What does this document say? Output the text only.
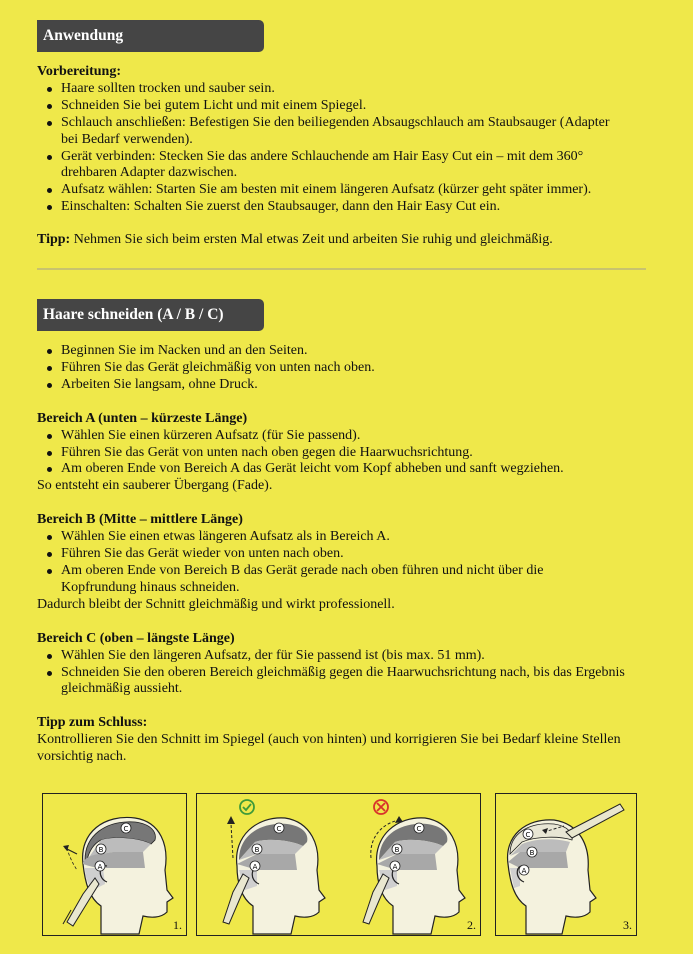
Anwendung
Vorbereitung:
Haare sollten trocken und sauber sein.
Schneiden Sie bei gutem Licht und mit einem Spiegel.
Schlauch anschließen: Befestigen Sie den beiliegenden Absaugschlauch am Staubsauger (Adapter bei Bedarf verwenden).
Gerät verbinden: Stecken Sie das andere Schlauchende am Hair Easy Cut ein – mit dem 360° drehbaren Adapter dazwischen.
Aufsatz wählen: Starten Sie am besten mit einem längeren Aufsatz (kürzer geht später immer).
Einschalten: Schalten Sie zuerst den Staubsauger, dann den Hair Easy Cut ein.
Tipp: Nehmen Sie sich beim ersten Mal etwas Zeit und arbeiten Sie ruhig und gleichmäßig.
Haare schneiden (A / B / C)
Beginnen Sie im Nacken und an den Seiten.
Führen Sie das Gerät gleichmäßig von unten nach oben.
Arbeiten Sie langsam, ohne Druck.
Bereich A (unten – kürzeste Länge)
Wählen Sie einen kürzeren Aufsatz (für Sie passend).
Führen Sie das Gerät von unten nach oben gegen die Haarwuchsrichtung.
Am oberen Ende von Bereich A das Gerät leicht vom Kopf abheben und sanft wegziehen.
So entsteht ein sauberer Übergang (Fade).
Bereich B (Mitte – mittlere Länge)
Wählen Sie einen etwas längeren Aufsatz als in Bereich A.
Führen Sie das Gerät wieder von unten nach oben.
Am oberen Ende von Bereich B das Gerät gerade nach oben führen und nicht über die Kopfrundung hinaus schneiden.
Dadurch bleibt der Schnitt gleichmäßig und wirkt professionell.
Bereich C (oben – längste Länge)
Wählen Sie den längeren Aufsatz, der für Sie passend ist (bis max. 51 mm).
Schneiden Sie den oberen Bereich gleichmäßig gegen die Haarwuchsrichtung nach, bis das Ergebnis gleichmäßig aussieht.
Tipp zum Schluss:
Kontrollieren Sie den Schnitt im Spiegel (auch von hinten) und korrigieren Sie bei Bedarf kleine Stellen vorsichtig nach.
C
B
A
1.
C
B
A
C
B
A
2.
C
B
A
3.
